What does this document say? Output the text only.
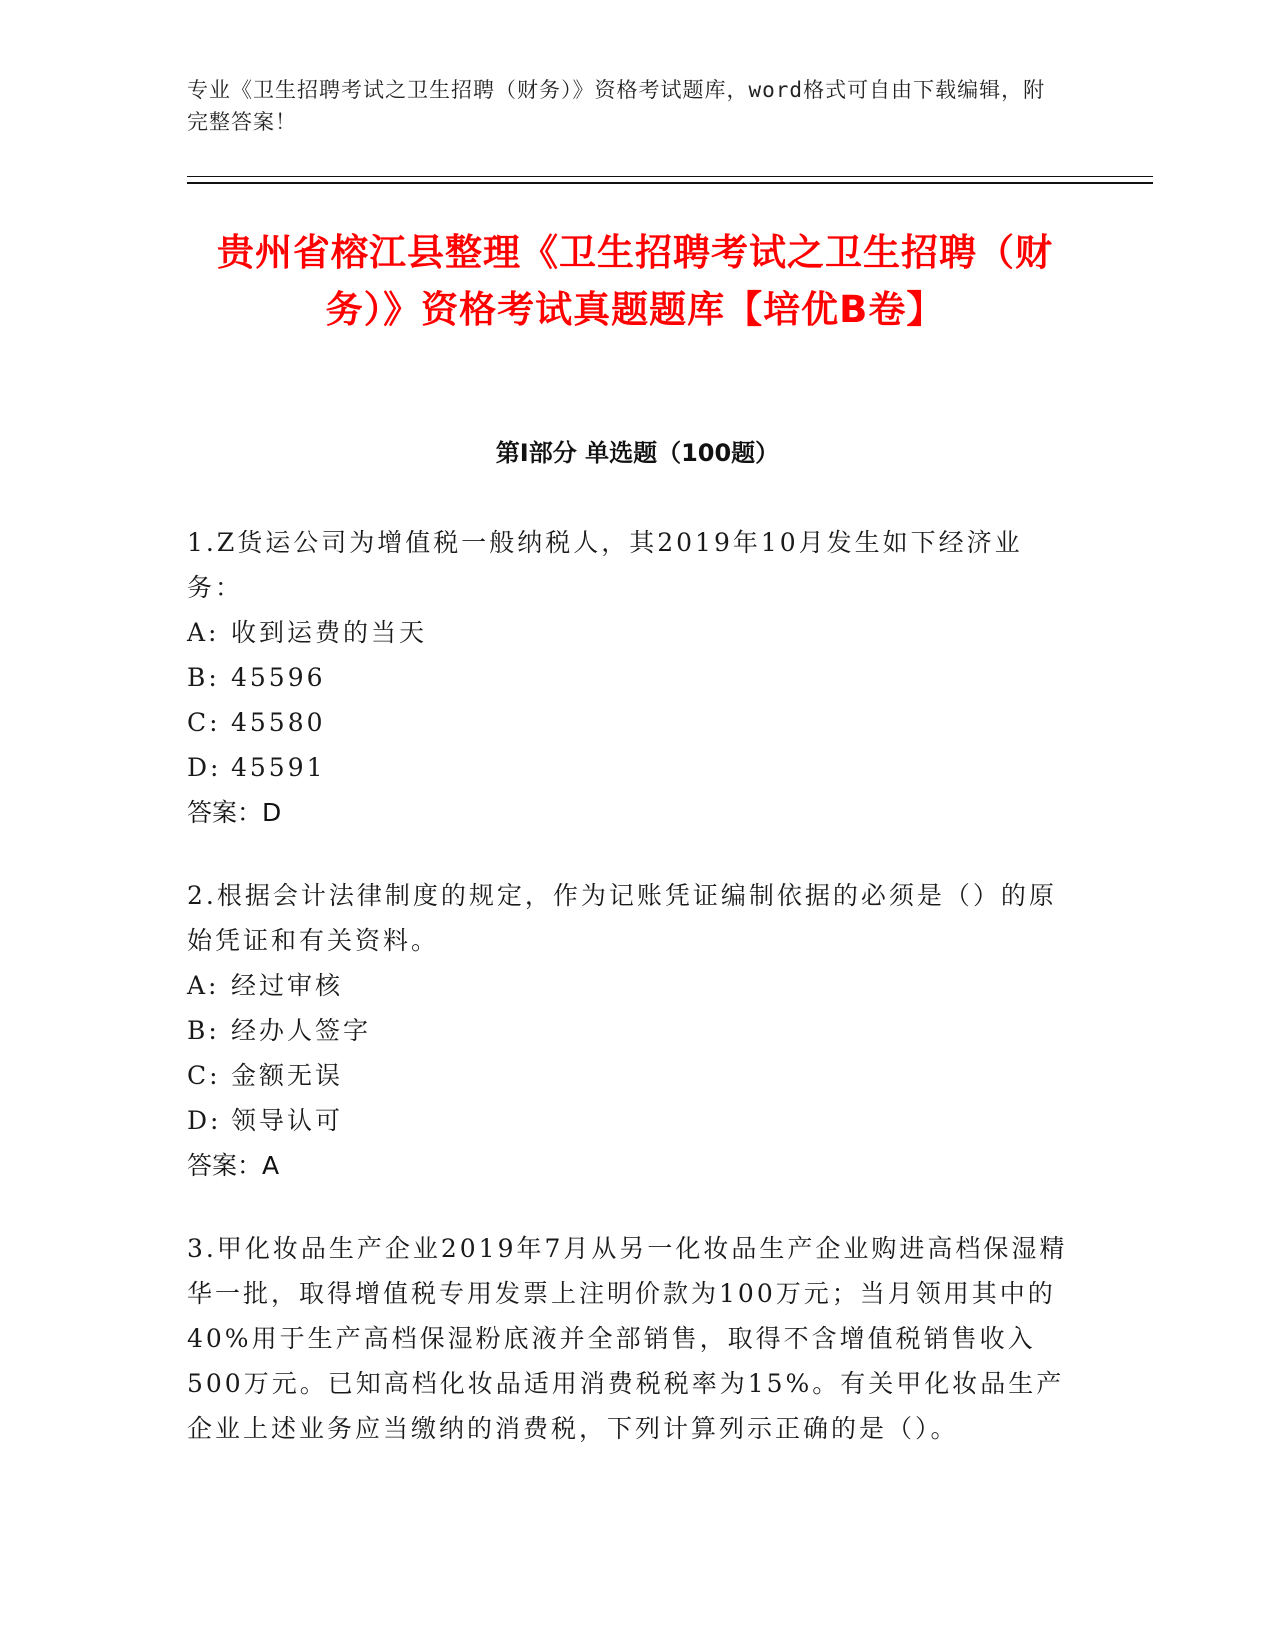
专业《卫生招聘考试之卫生招聘（财务）》资格考试题库，word格式可自由下载编辑，附完整答案！
贵州省榕江县整理《卫生招聘考试之卫生招聘（财务）》资格考试真题题库【培优B卷】
第I部分 单选题（100题）
1.Z货运公司为增值税一般纳税人，其2019年10月发生如下经济业务：
A: 收到运费的当天
B: 45596
C: 45580
D: 45591
答案：D
2.根据会计法律制度的规定，作为记账凭证编制依据的必须是（）的原始凭证和有关资料。
A: 经过审核
B: 经办人签字
C: 金额无误
D: 领导认可
答案：A
3.甲化妆品生产企业2019年7月从另一化妆品生产企业购进高档保湿精华一批，取得增值税专用发票上注明价款为100万元；当月领用其中的40%用于生产高档保湿粉底液并全部销售，取得不含增值税销售收入500万元。已知高档化妆品适用消费税税率为15%。有关甲化妆品生产企业上述业务应当缴纳的消费税，下列计算列示正确的是（）。
